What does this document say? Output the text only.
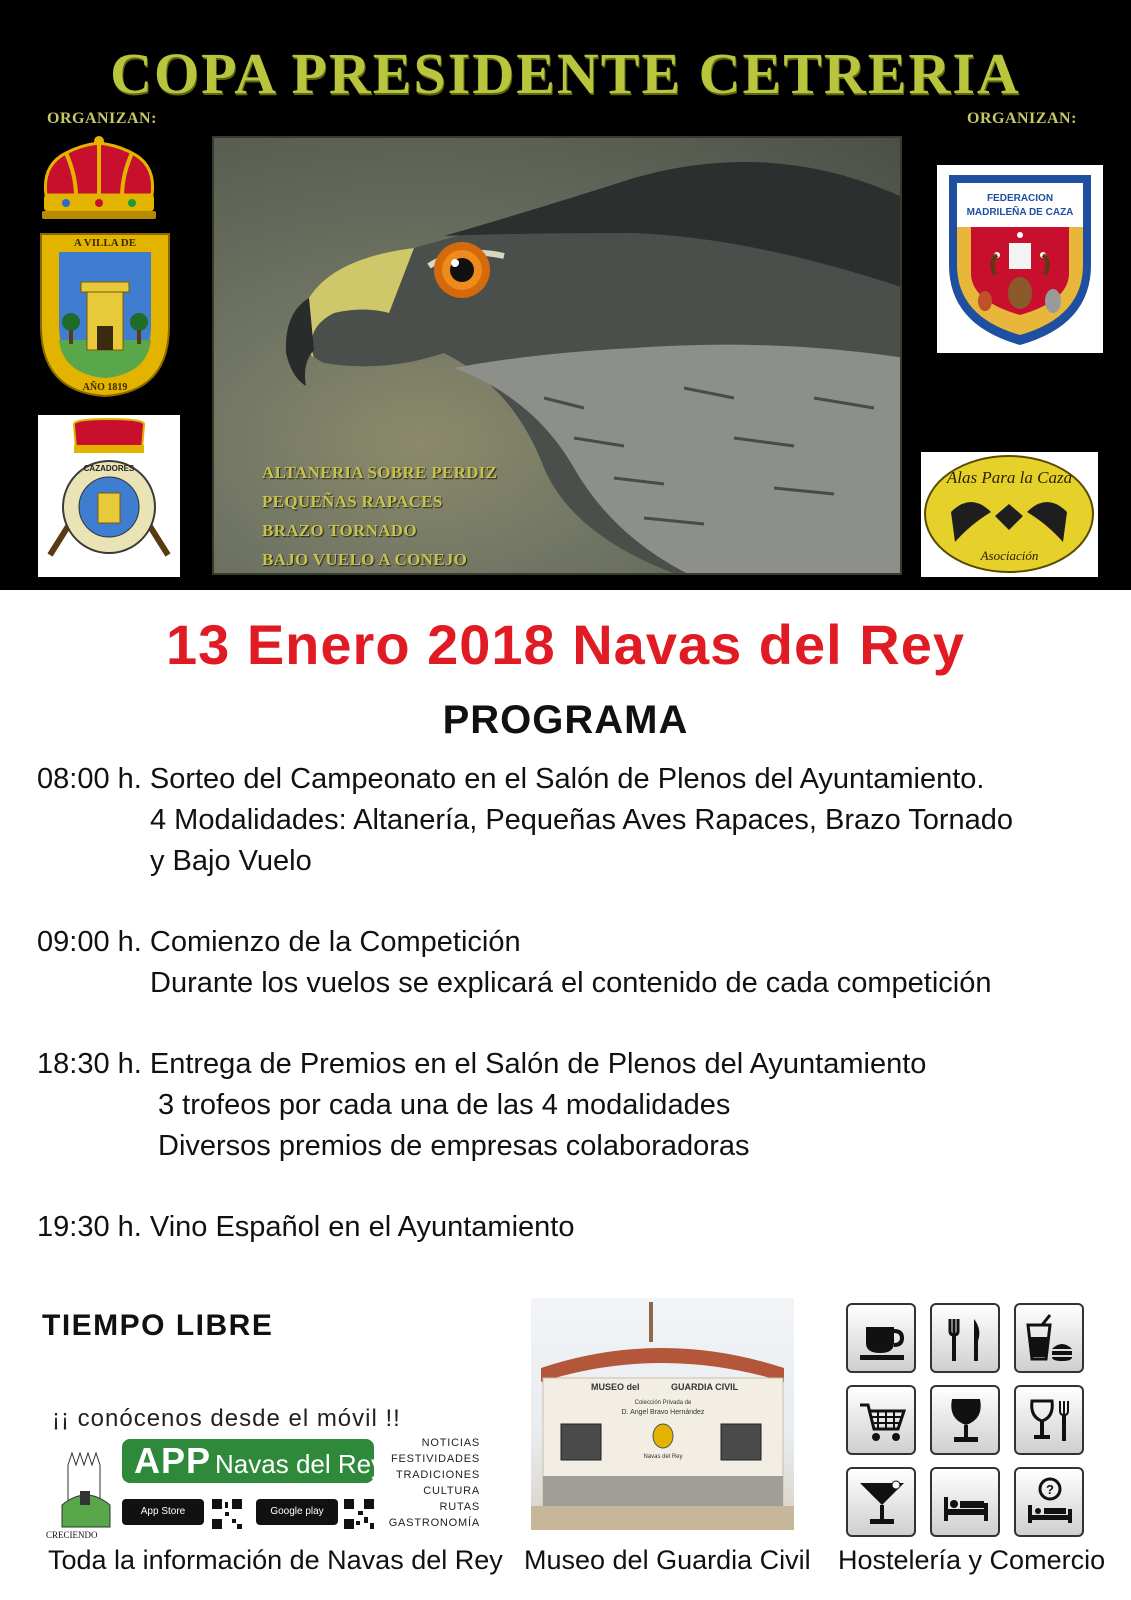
COPA PRESIDENTE CETRERIA
ORGANIZAN:	ORGANIZAN:
A VILLA DE
AÑO 1819
CAZADORES	ALTANERIA SOBRE PERDIZ
PEQUEÑAS RAPACES
BRAZO TORNADO
BAJO VUELO A CONEJO
FEDERACION
MADRILEÑA DE CAZA
Alas Para la Caza
Asociación
13 Enero 2018 Navas del Rey
PROGRAMA
08:00 h. Sorteo del Campeonato en el Salón de Plenos del Ayuntamiento.
4 Modalidades: Altanería, Pequeñas Aves Rapaces, Brazo Tornado
y Bajo Vuelo
09:00 h. Comienzo de la Competición
Durante los vuelos se explicará el contenido de cada competición
18:30 h. Entrega de Premios en el Salón de Plenos del Ayuntamiento
3 trofeos por cada una de las 4 modalidades
Diversos premios de empresas colaboradoras
19:30 h. Vino Español en el Ayuntamiento
TIEMPO LIBRE
¡¡ conócenos desde el móvil !!
CRECIENDO
APP Navas del Rey
NOTICIAS
FESTIVIDADES
TRADICIONES
CULTURA
RUTAS
GASTRONOMÍA
App Store	Google play
MUSEO del	GUARDIA CIVIL
Colección Privada de
D. Angel Bravo Hernández
Navas del Rey
?
Toda la información de Navas del Rey Museo del Guardia Civil Hostelería y Comercio
